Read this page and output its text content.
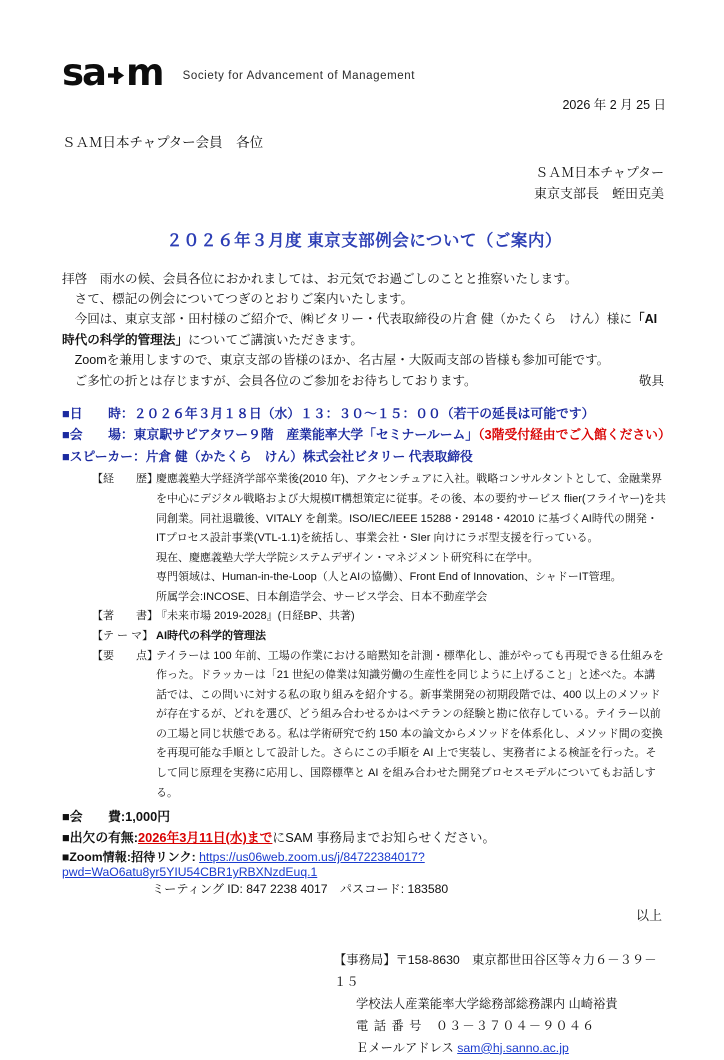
sa m Society for Advancement of Management
2026 年 2 月 25 日
ＳＡＭ日本チャプター会員　各位
ＳＡＭ日本チャプター
東京支部長　蛭田克美
２０２６年３月度 東京支部例会について（ご案内）

拝啓　雨水の候、会員各位におかれましては、お元気でお過ごしのことと推察いたします。

　さて、標記の例会についてつぎのとおりご案内いたします。

　今回は、東京支部・田村様のご紹介で、㈱ビタリー・代表取締役の片倉 健（かたくら　けん）様に「AI時代の科学的管理法」についてご講演いただきます。

　Zoomを兼用しますので、東京支部の皆様のほか、名古屋・大阪両支部の皆様も参加可能です。

　ご多忙の折とは存じますが、会員各位のご参加をお待ちしております。	敬具

■日　　時：２０２６年３月１８日（水）１３：３０～１５：００（若干の延長は可能です）
■会　　場：東京駅サピアタワー９階　産業能率大学「セミナールーム」（3階受付経由でご入館ください）
■スピーカー：片倉 健（かたくら　けん）株式会社ビタリー 代表取締役
【経　　歴】
慶應義塾大学経済学部卒業後(2010 年)、アクセンチュアに入社。戦略コンサルタントとして、金融業界を中心にデジタル戦略および大規模IT構想策定に従事。その後、本の要約サービス flier(フライヤー)を共同創業。同社退職後、VITALY を創業。ISO/IEC/IEEE 15288・29148・42010 に基づくAI時代の開発・ITプロセス設計事業(VTL-1.1)を統括し、事業会社・SIer 向けにラボ型支援を行っている。
現在、慶應義塾大学大学院システムデザイン・マネジメント研究科に在学中。
専門領域は、Human-in-the-Loop（人とAIの協働）、Front End of Innovation、シャドーIT管理。
所属学会:INCOSE、日本創造学会、サービス学会、日本不動産学会
【著　　書】
『未来市場 2019-2028』(日経BP、共著)
【テ ー マ】 AI時代の科学的管理法
【要　　点】
テイラーは 100 年前、工場の作業における暗黙知を計測・標準化し、誰がやっても再現できる仕組みを作った。ドラッカーは「21 世紀の偉業は知識労働の生産性を同じように上げること」と述べた。本講話では、この問いに対する私の取り組みを紹介する。新事業開発の初期段階では、400 以上のメソッドが存在するが、どれを選び、どう組み合わせるかはベテランの経験と勘に依存している。テイラー以前の工場と同じ状態である。私は学術研究で約 150 本の論文からメソッドを体系化し、メソッド間の変換を再現可能な手順として設計した。さらにこの手順を AI 上で実装し、実務者による検証を行った。そして同じ原理を実務に応用し、国際標準と AI を組み合わせた開発プロセスモデルについてもお話しする。
■会　　費:1,000円
■出欠の有無:2026年3月11日(水)までにSAM 事務局までお知らせください。
■Zoom情報:招待リンク: https://us06web.zoom.us/j/84722384017?pwd=WaO6atu8yr5YIU54CBR1yRBXNzdEuq.1
ミーティング ID: 847 2238 4017　パスコード: 183580
以上
【事務局】〒158-8630　東京都世田谷区等々力６－３９－１５
学校法人産業能率大学総務部総務課内 山崎裕貴
電 話 番 号　０３－３７０４－９０４６
Ｅメールアドレス sam@hj.sanno.ac.jp
